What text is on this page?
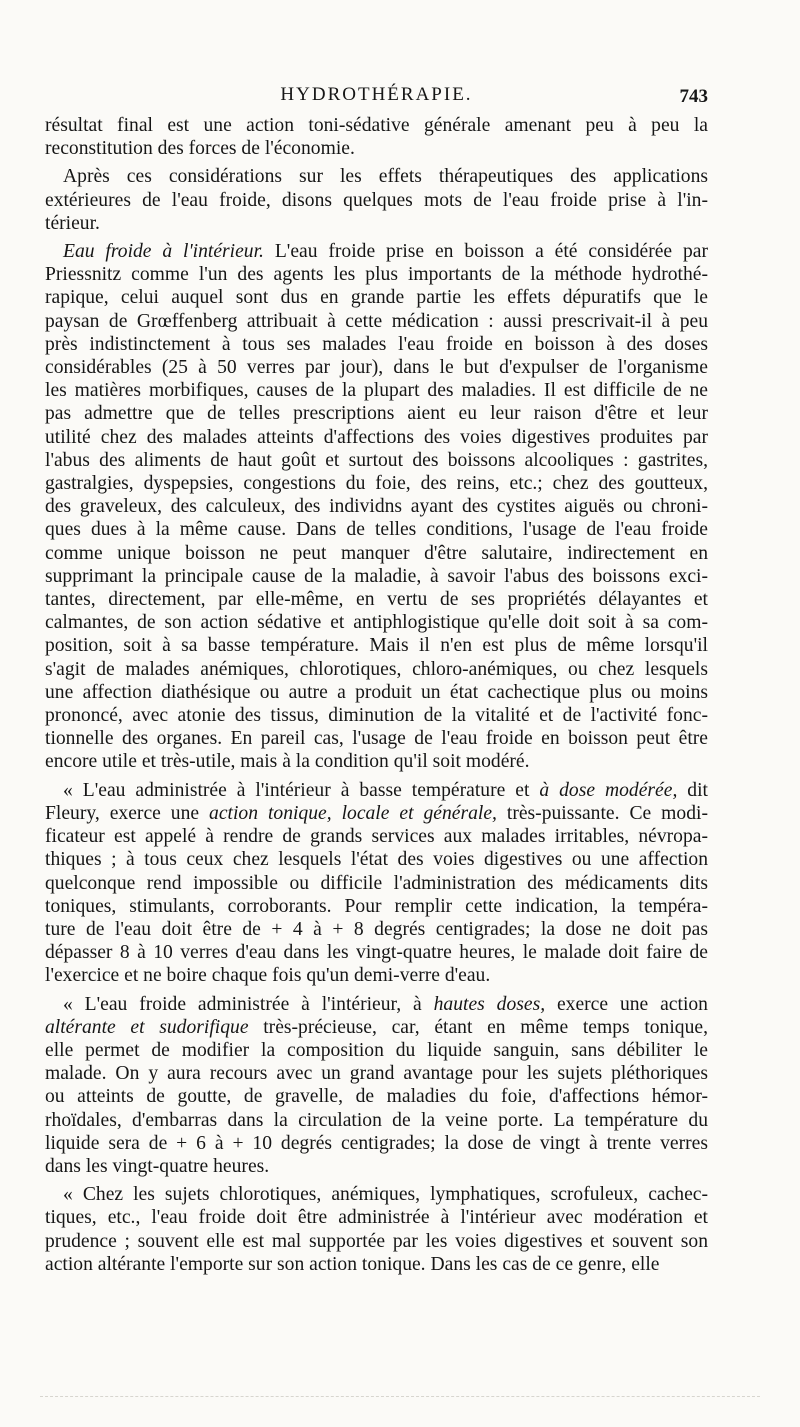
HYDROTHÉRAPIE.	743
résultat final est une action toni-sédative générale amenant peu à peu la
reconstitution des forces de l'économie.
Après ces considérations sur les effets thérapeutiques des applications
extérieures de l'eau froide, disons quelques mots de l'eau froide prise à l'in-
térieur.
Eau froide à l'intérieur. L'eau froide prise en boisson a été considérée par
Priessnitz comme l'un des agents les plus importants de la méthode hydrothé-
rapique, celui auquel sont dus en grande partie les effets dépuratifs que le
paysan de Grœffenberg attribuait à cette médication : aussi prescrivait-il à peu
près indistinctement à tous ses malades l'eau froide en boisson à des doses
considérables (25 à 50 verres par jour), dans le but d'expulser de l'organisme
les matières morbifiques, causes de la plupart des maladies. Il est difficile de ne
pas admettre que de telles prescriptions aient eu leur raison d'être et leur
utilité chez des malades atteints d'affections des voies digestives produites par
l'abus des aliments de haut goût et surtout des boissons alcooliques : gastrites,
gastralgies, dyspepsies, congestions du foie, des reins, etc.; chez des goutteux,
des graveleux, des calculeux, des individns ayant des cystites aiguës ou chroni-
ques dues à la même cause. Dans de telles conditions, l'usage de l'eau froide
comme unique boisson ne peut manquer d'être salutaire, indirectement en
supprimant la principale cause de la maladie, à savoir l'abus des boissons exci-
tantes, directement, par elle-même, en vertu de ses propriétés délayantes et
calmantes, de son action sédative et antiphlogistique qu'elle doit soit à sa com-
position, soit à sa basse température. Mais il n'en est plus de même lorsqu'il
s'agit de malades anémiques, chlorotiques, chloro-anémiques, ou chez lesquels
une affection diathésique ou autre a produit un état cachectique plus ou moins
prononcé, avec atonie des tissus, diminution de la vitalité et de l'activité fonc-
tionnelle des organes. En pareil cas, l'usage de l'eau froide en boisson peut être
encore utile et très-utile, mais à la condition qu'il soit modéré.
« L'eau administrée à l'intérieur à basse température et à dose modérée, dit
Fleury, exerce une action tonique, locale et générale, très-puissante. Ce modi-
ficateur est appelé à rendre de grands services aux malades irritables, névropa-
thiques ; à tous ceux chez lesquels l'état des voies digestives ou une affection
quelconque rend impossible ou difficile l'administration des médicaments dits
toniques, stimulants, corroborants. Pour remplir cette indication, la tempéra-
ture de l'eau doit être de + 4 à + 8 degrés centigrades; la dose ne doit pas
dépasser 8 à 10 verres d'eau dans les vingt-quatre heures, le malade doit faire de
l'exercice et ne boire chaque fois qu'un demi-verre d'eau.
« L'eau froide administrée à l'intérieur, à hautes doses, exerce une action
altérante et sudorifique très-précieuse, car, étant en même temps tonique,
elle permet de modifier la composition du liquide sanguin, sans débiliter le
malade. On y aura recours avec un grand avantage pour les sujets pléthoriques
ou atteints de goutte, de gravelle, de maladies du foie, d'affections hémor-
rhoïdales, d'embarras dans la circulation de la veine porte. La température du
liquide sera de + 6 à + 10 degrés centigrades; la dose de vingt à trente verres
dans les vingt-quatre heures.
« Chez les sujets chlorotiques, anémiques, lymphatiques, scrofuleux, cachec-
tiques, etc., l'eau froide doit être administrée à l'intérieur avec modération et
prudence ; souvent elle est mal supportée par les voies digestives et souvent son
action altérante l'emporte sur son action tonique. Dans les cas de ce genre, elle
